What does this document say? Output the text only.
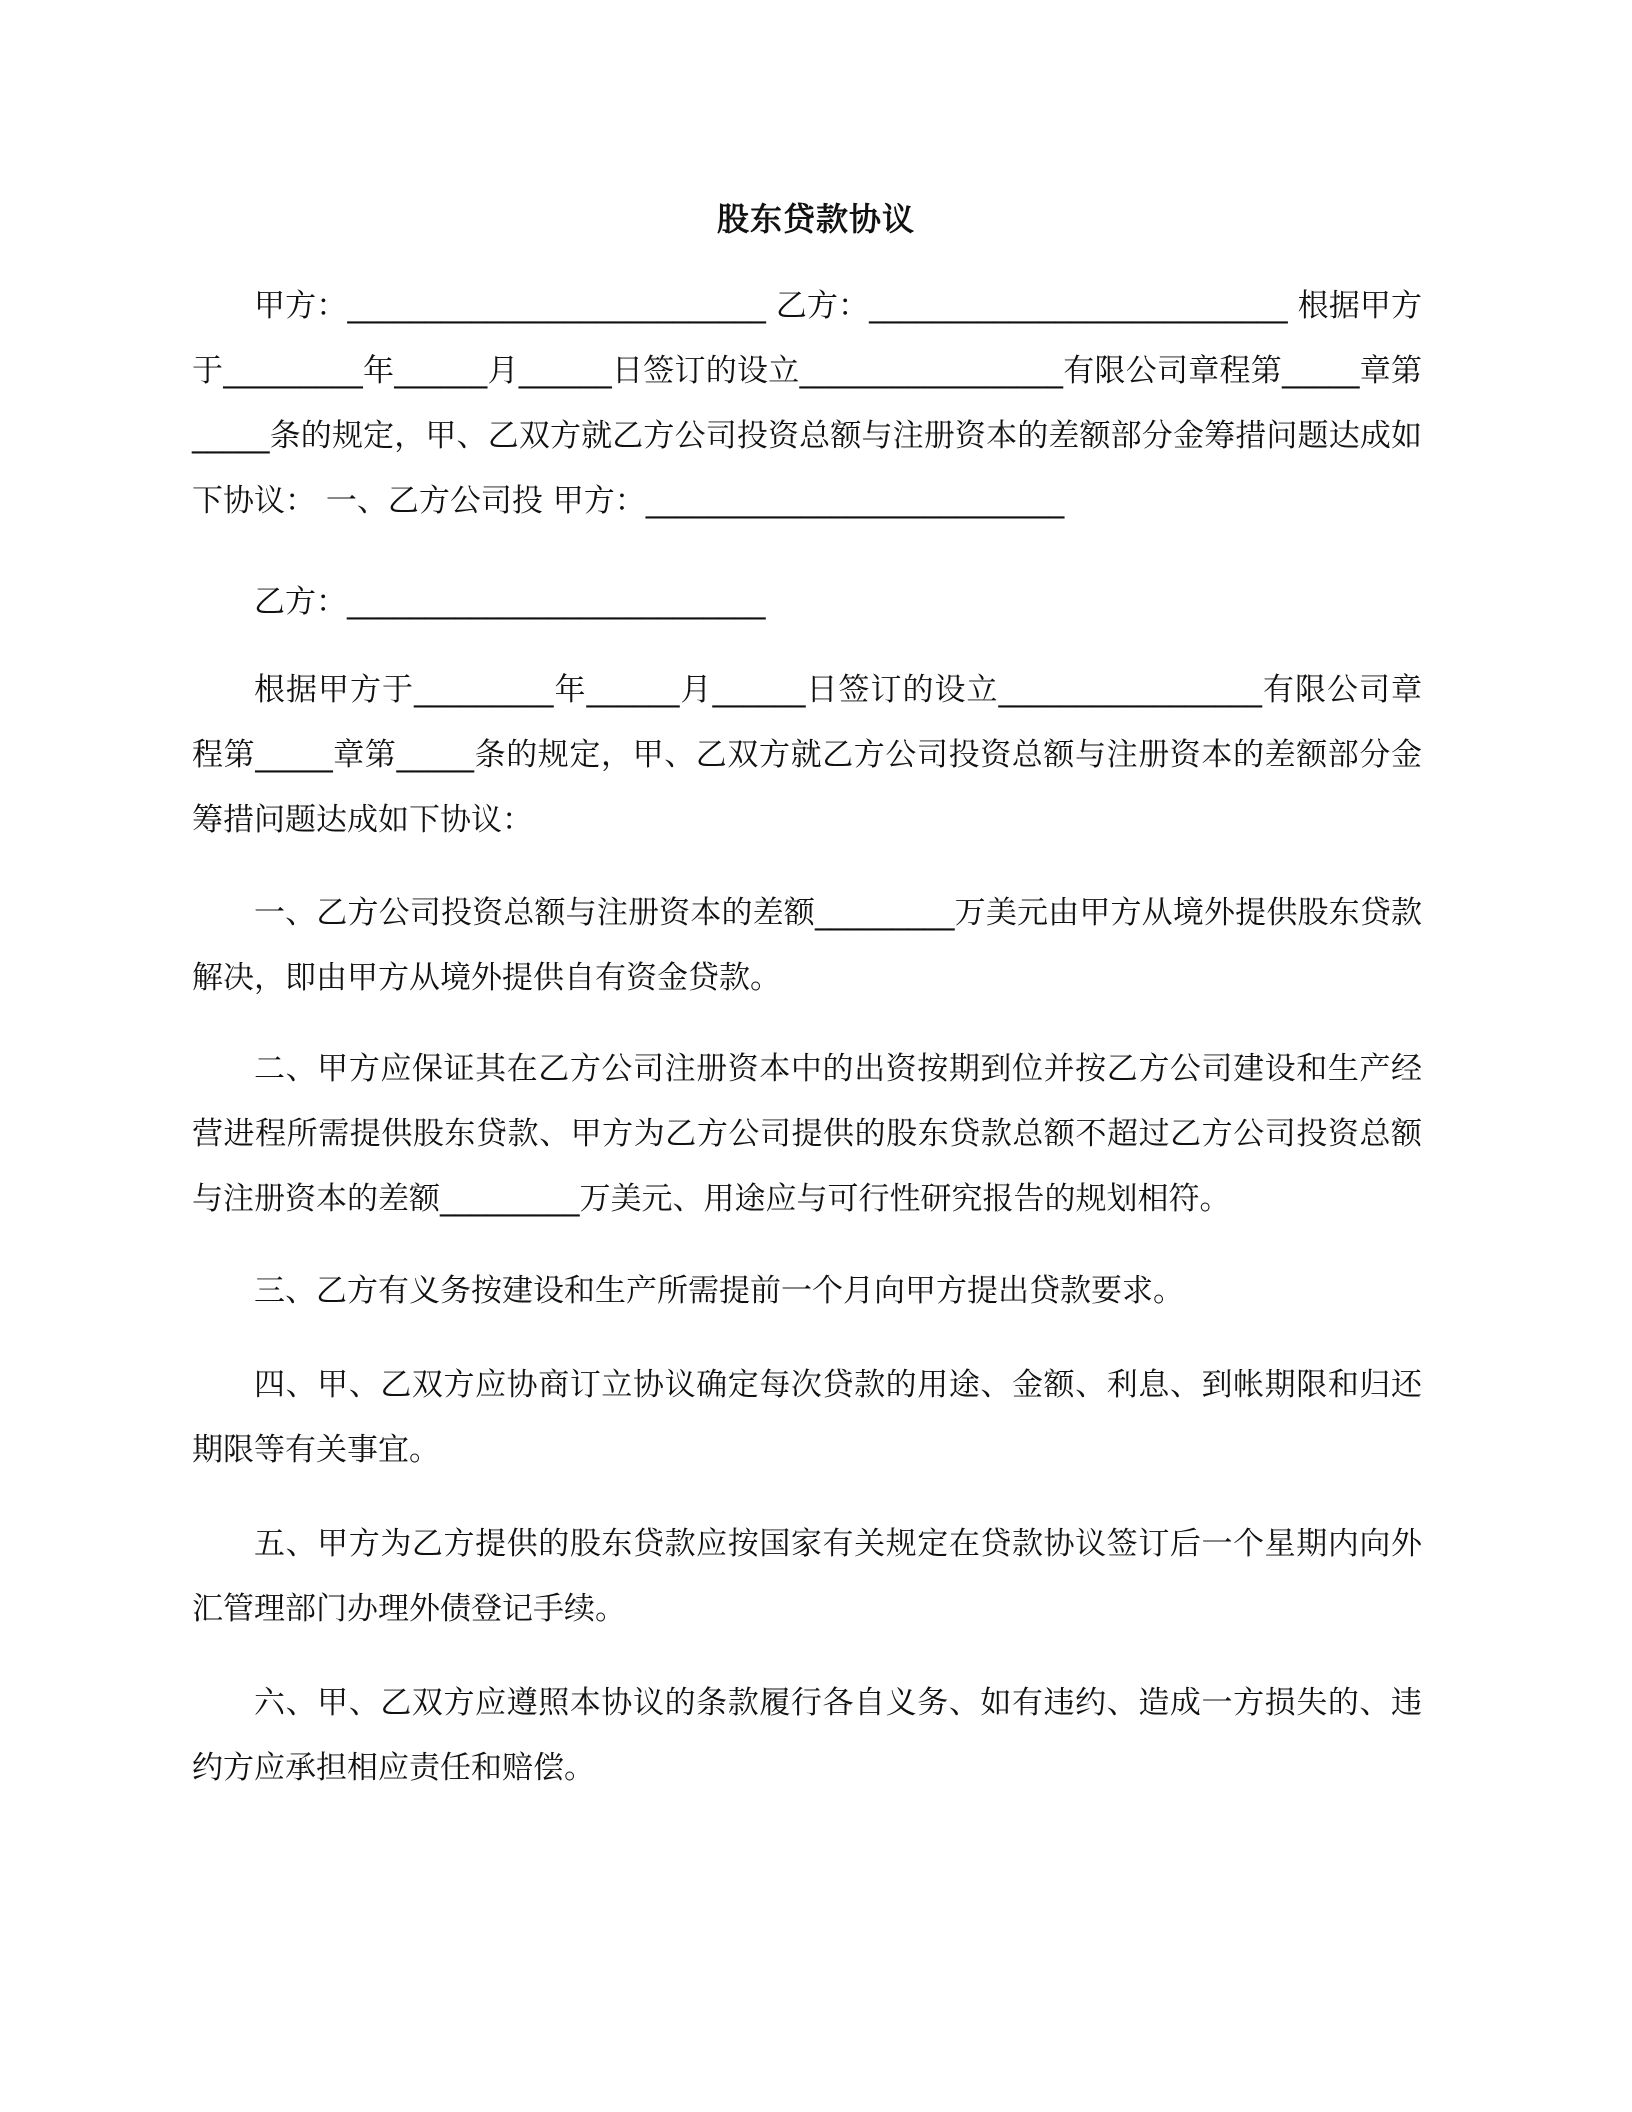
股东贷款协议
甲方：___________________________ 乙方：___________________________ 根据甲方于_________年______月______日签订的设立_________________有限公司章程第_____章第_____条的规定，甲、乙双方就乙方公司投资总额与注册资本的差额部分金筹措问题达成如下协议： 一、乙方公司投 甲方：___________________________
乙方：___________________________
根据甲方于_________年______月______日签订的设立_________________有限公司章程第_____章第_____条的规定，甲、乙双方就乙方公司投资总额与注册资本的差额部分金筹措问题达成如下协议：
一、乙方公司投资总额与注册资本的差额_________万美元由甲方从境外提供股东贷款解决，即由甲方从境外提供自有资金贷款。
二、甲方应保证其在乙方公司注册资本中的出资按期到位并按乙方公司建设和生产经营进程所需提供股东贷款、甲方为乙方公司提供的股东贷款总额不超过乙方公司投资总额与注册资本的差额_________万美元、用途应与可行性研究报告的规划相符。
三、乙方有义务按建设和生产所需提前一个月向甲方提出贷款要求。
四、甲、乙双方应协商订立协议确定每次贷款的用途、金额、利息、到帐期限和归还期限等有关事宜。
五、甲方为乙方提供的股东贷款应按国家有关规定在贷款协议签订后一个星期内向外汇管理部门办理外债登记手续。
六、甲、乙双方应遵照本协议的条款履行各自义务、如有违约、造成一方损失的、违约方应承担相应责任和赔偿。
